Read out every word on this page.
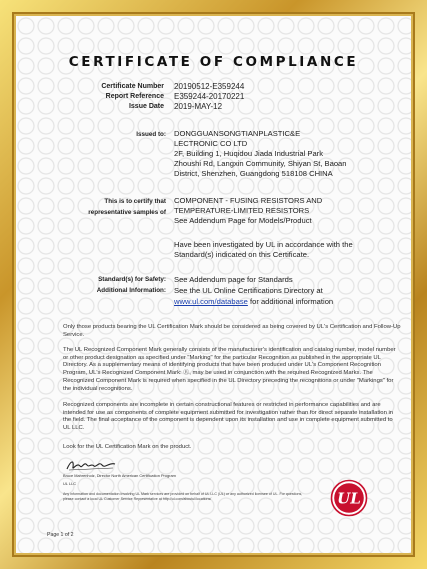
CERTIFICATE OF COMPLIANCE
Certificate Number 20190512-E359244
Report Reference E359244-20170221
Issue Date 2019-MAY-12
Issued to: DONGGUANSONGTIANPLASTIC&E
LECTRONIC CO LTD
2F, Building 1, Huqidou Jiada Industrial Park
Zhoushi Rd, Langxin Community, Shiyan St, Baoan
District, Shenzhen, Guangdong 518108 CHINA
This is to certify that
representative samples of
COMPONENT - FUSING RESISTORS AND
TEMPERATURE-LIMITED RESISTORS
See Addendum Page for Models/Product
Have been investigated by UL in accordance with the
Standard(s) indicated on this Certificate.
Standard(s) for Safety:
Additional Information:
See Addendum page for Standards
See the UL Online Certifications Directory at
www.ul.com/database for additional information
Only those products bearing the UL Certification Mark should be considered as being covered by UL's Certification and Follow-Up Service.
The UL Recognized Component Mark generally consists of the manufacturer's identification and catalog number, model number or other product designation as specified under "Marking" for the particular Recognition as published in the appropriate UL Directory. As a supplementary means of identifying products that have been produced under UL's Component Recognition Program, UL's Recognized Component Mark: Ⓡ, may be used in conjunction with the required Recognized Marks. The Recognized Component Mark is required when specified in the UL Directory preceding the recognitions or under "Markings" for the individual recognitions.
Recognized components are incomplete in certain constructional features or restricted in performance capabilities and are intended for use as components of complete equipment submitted for investigation rather than for direct separate installation in the field. The final acceptance of the component is dependent upon its installation and use in complete equipment submitted to UL LLC.
Look for the UL Certification Mark on the product.
Bruce Mahrenholz, Director North American Certification Program
UL LLC
Any information and documentation involving UL Mark services are provided on behalf of UL LLC (UL) or any authorized licensee of UL. For questions,
please contact a local UL Customer Service Representative at http://ul.com/aboutul/locations/	UL
Page 1 of 2
